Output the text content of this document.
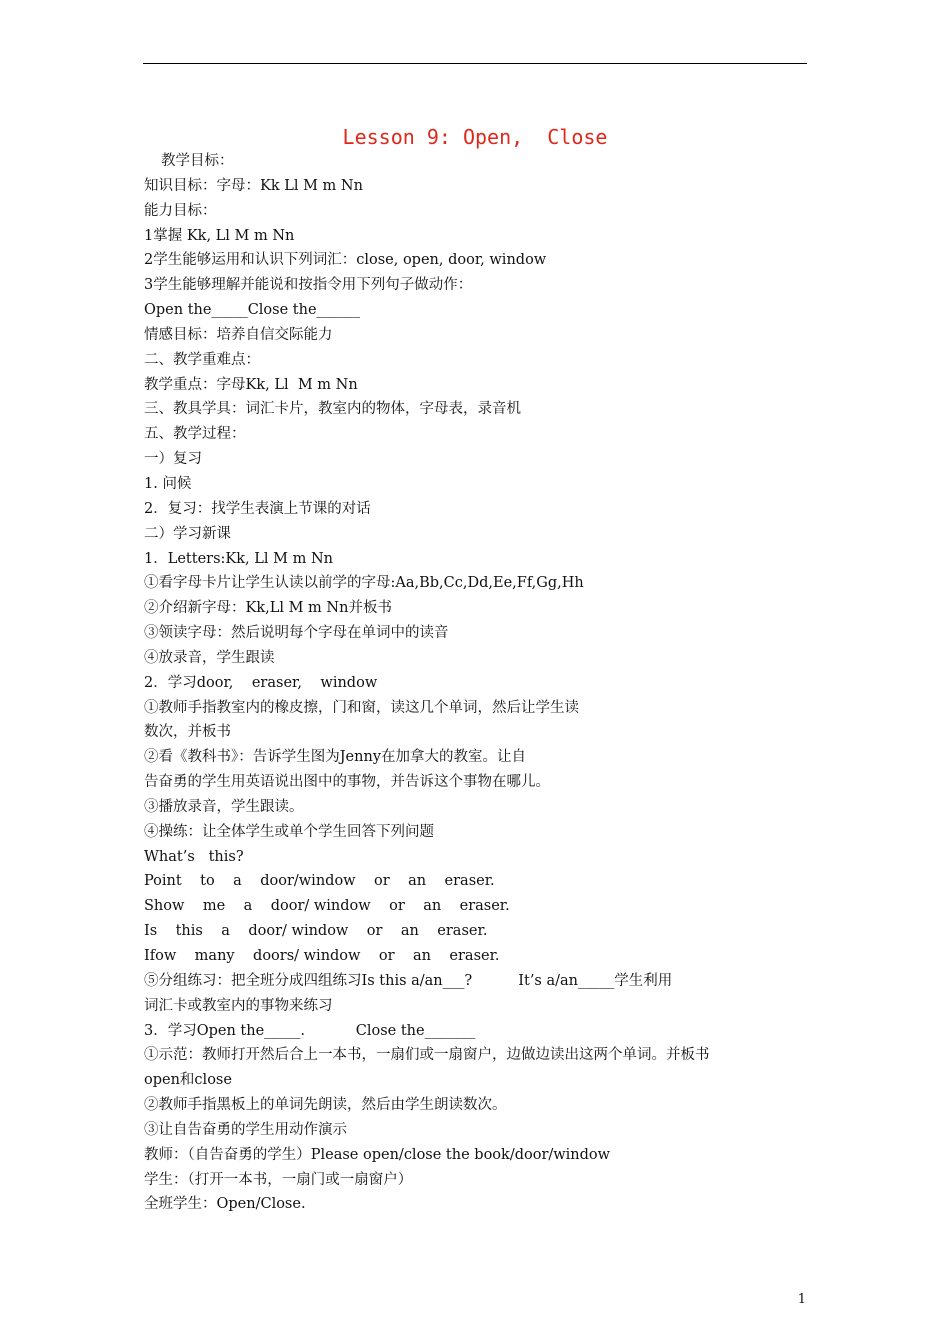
Lesson 9: Open,  Close
教学目标：
知识目标：字母：Kk Ll M m Nn
能力目标：
1掌握 Kk, Ll M m Nn
2学生能够运用和认识下列词汇：close, open, door, window
3学生能够理解并能说和按指令用下列句子做动作：
Open the_____Close the______
情感目标：培养自信交际能力
二、教学重难点：
教学重点：字母Kk, Ll  M m Nn
三、教具学具：词汇卡片，教室内的物体，字母表，录音机
五、教学过程：
一）复习
1. 问候
2．复习：找学生表演上节课的对话
二）学习新课
1．Letters:Kk, Ll M m Nn
①看字母卡片让学生认读以前学的字母:Aa,Bb,Cc,Dd,Ee,Ff,Gg,Hh
②介绍新字母：Kk,Ll M m Nn并板书
③领读字母：然后说明每个字母在单词中的读音
④放录音，学生跟读
2．学习door,    eraser,    window
①教师手指教室内的橡皮擦，门和窗，读这几个单词，然后让学生读
数次，并板书
②看《教科书》：告诉学生图为Jenny在加拿大的教室。让自
告奋勇的学生用英语说出图中的事物，并告诉这个事物在哪儿。
③播放录音，学生跟读。
④操练：让全体学生或单个学生回答下列问题
What’s   this?
Point    to    a    door/window    or    an    eraser.
Show    me    a    door/ window    or    an    eraser.
Is    this    a    door/ window    or    an    eraser.
Ifow    many    doors/ window    or    an    eraser.
⑤分组练习：把全班分成四组练习Is this a/an___?          It’s a/an_____学生利用
词汇卡或教室内的事物来练习
3．学习Open the_____.           Close the_______
①示范：教师打开然后合上一本书，一扇们或一扇窗户，边做边读出这两个单词。并板书
open和close
②教师手指黑板上的单词先朗读，然后由学生朗读数次。
③让自告奋勇的学生用动作演示
教师：（自告奋勇的学生）Please open/close the book/door/window
学生：（打开一本书，一扇门或一扇窗户）
全班学生：Open/Close.
1
